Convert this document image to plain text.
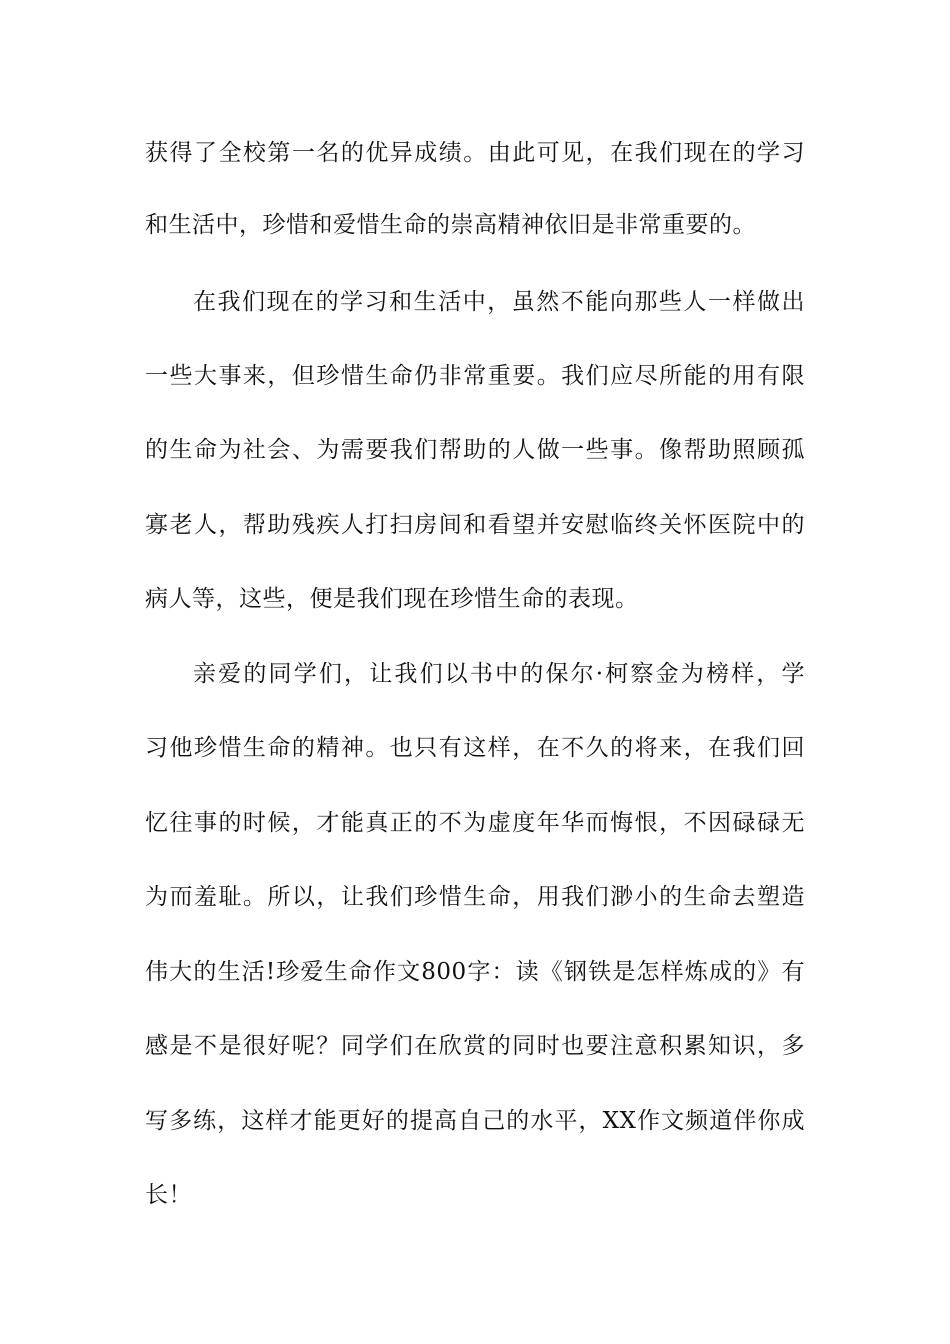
获得了全校第一名的优异成绩。由此可见，在我们现在的学习
和生活中，珍惜和爱惜生命的崇高精神依旧是非常重要的。
在我们现在的学习和生活中，虽然不能向那些人一样做出
一些大事来，但珍惜生命仍非常重要。我们应尽所能的用有限
的生命为社会、为需要我们帮助的人做一些事。像帮助照顾孤
寡老人，帮助残疾人打扫房间和看望并安慰临终关怀医院中的
病人等，这些，便是我们现在珍惜生命的表现。
亲爱的同学们，让我们以书中的保尔·柯察金为榜样，学
习他珍惜生命的精神。也只有这样，在不久的将来，在我们回
忆往事的时候，才能真正的不为虚度年华而悔恨，不因碌碌无
为而羞耻。所以，让我们珍惜生命，用我们渺小的生命去塑造
伟大的生活!珍爱生命作文800字：读《钢铁是怎样炼成的》有
感是不是很好呢？同学们在欣赏的同时也要注意积累知识，多
写多练，这样才能更好的提高自己的水平，XX作文频道伴你成
长！
